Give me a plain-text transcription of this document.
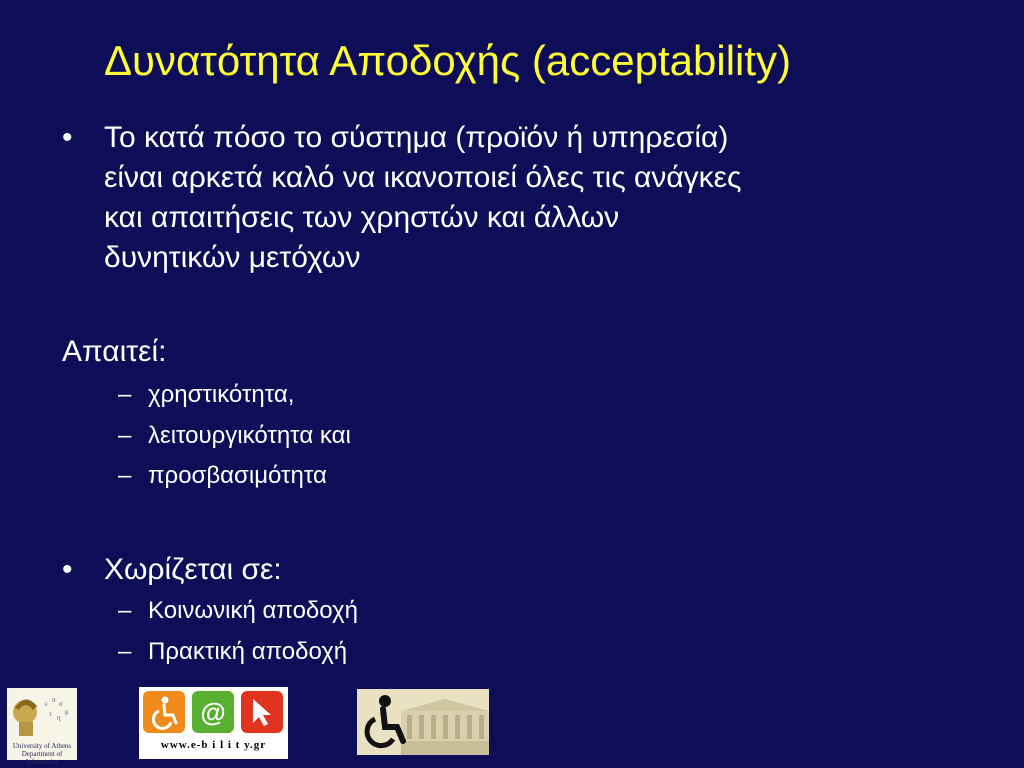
Δυνατότητα Αποδοχής (acceptability)
• Το κατά πόσο το σύστημα (προϊόν ή υπηρεσία)
είναι αρκετά καλό να ικανοποιεί όλες τις ανάγκες
και απαιτήσεις των χρηστών και άλλων
δυνητικών μετόχων
Απαιτεί:
– χρηστικότητα,
– λειτουργικότητα και
– προσβασιμότητα
• Χωρίζεται σε:
– Κοινωνική αποδοχή
– Πρακτική αποδοχή
ε π σ
τ η
μ
University of Athens
Department of Informatics
@
www.e-b i l i t y.gr
